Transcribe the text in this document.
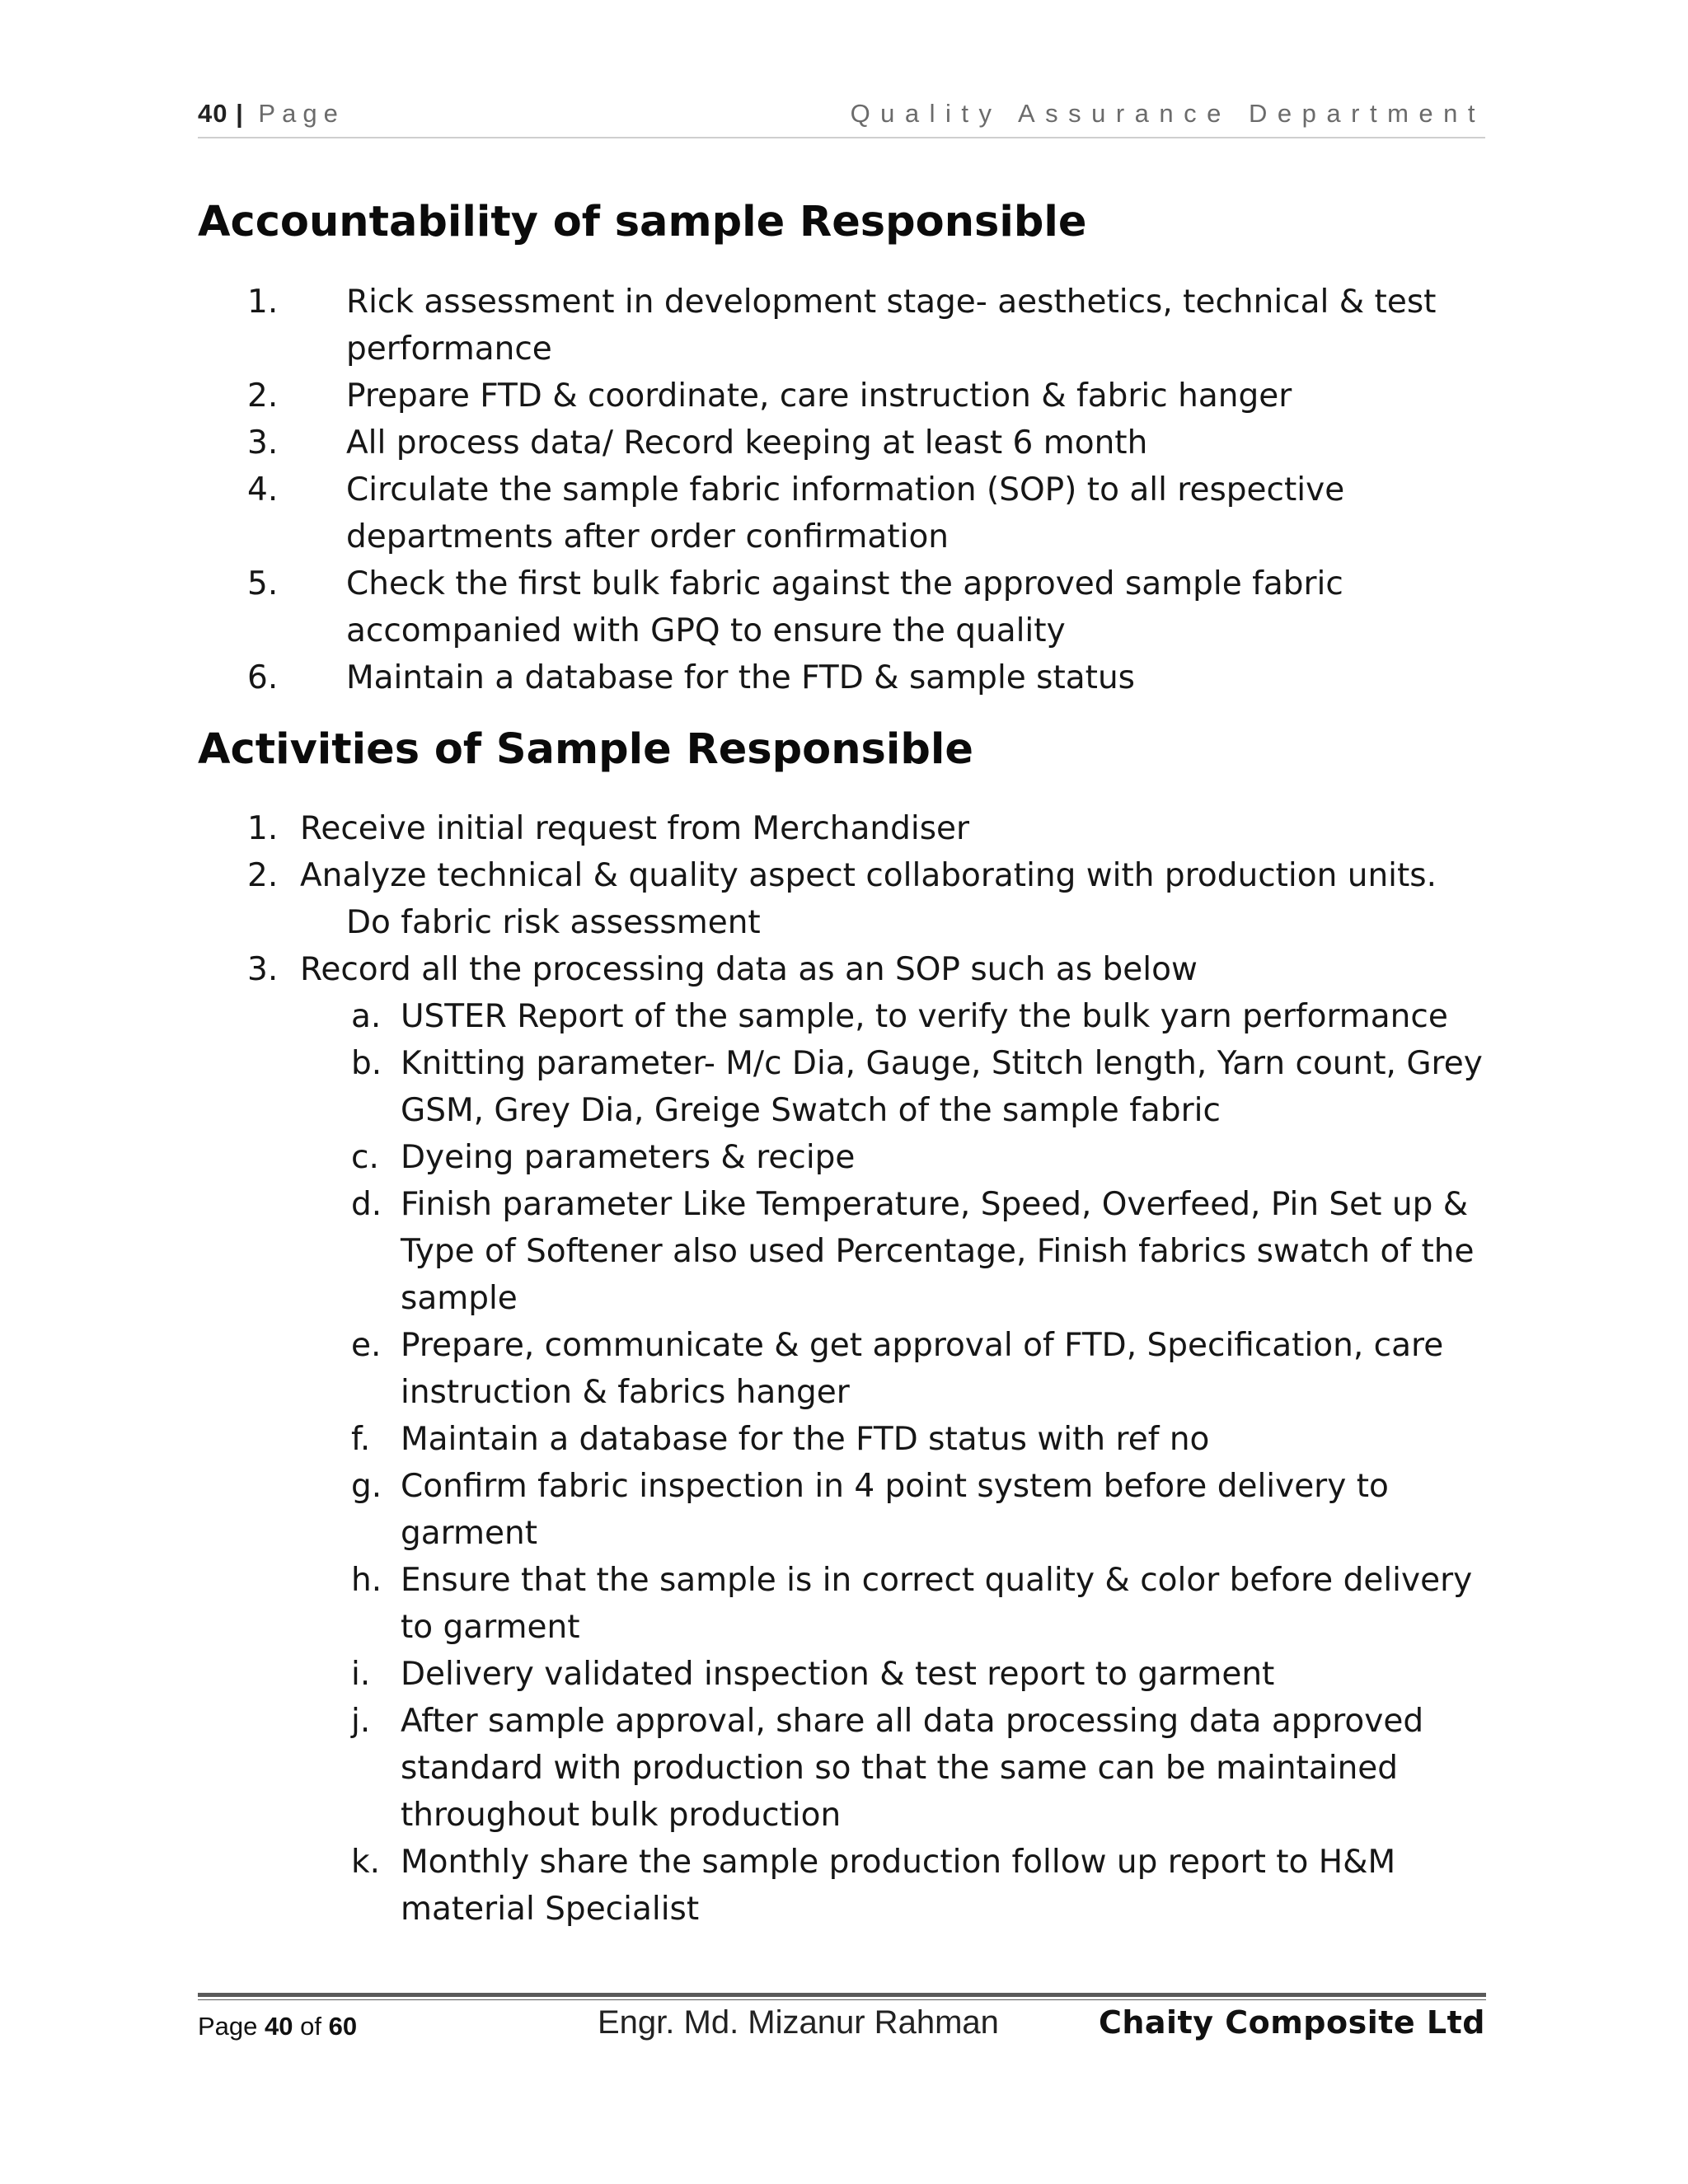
40 | Page	Quality Assurance Department
Accountability of sample Responsible
1. Rick assessment in development stage- aesthetics, technical & test performance
2. Prepare FTD & coordinate, care instruction & fabric hanger
3. All process data/ Record keeping at least 6 month
4. Circulate the sample fabric information (SOP) to all respective departments after order confirmation
5. Check the first bulk fabric against the approved sample fabric accompanied with GPQ to ensure the quality
6. Maintain a database for the FTD & sample status
Activities of Sample Responsible
1. Receive initial request from Merchandiser
2. Analyze technical & quality aspect collaborating with production units.
Do fabric risk assessment
3. Record all the processing data as an SOP such as below
a. USTER Report of the sample, to verify the bulk yarn performance
b. Knitting parameter- M/c Dia, Gauge, Stitch length, Yarn count, Grey GSM, Grey Dia, Greige Swatch of the sample fabric
c. Dyeing parameters & recipe
d. Finish parameter Like Temperature, Speed, Overfeed, Pin Set up & Type of Softener also used Percentage, Finish fabrics swatch of the sample
e. Prepare, communicate & get approval of FTD, Specification, care instruction & fabrics hanger
f. Maintain a database for the FTD status with ref no
g. Confirm fabric inspection in 4 point system before delivery to garment
h. Ensure that the sample is in correct quality & color before delivery to garment
i. Delivery validated inspection & test report to garment
j. After sample approval, share all data processing data approved standard with production so that the same can be maintained throughout bulk production
k. Monthly share the sample production follow up report to H&M material Specialist
Page 40 of 60	Engr. Md. Mizanur Rahman	Chaity Composite Ltd
